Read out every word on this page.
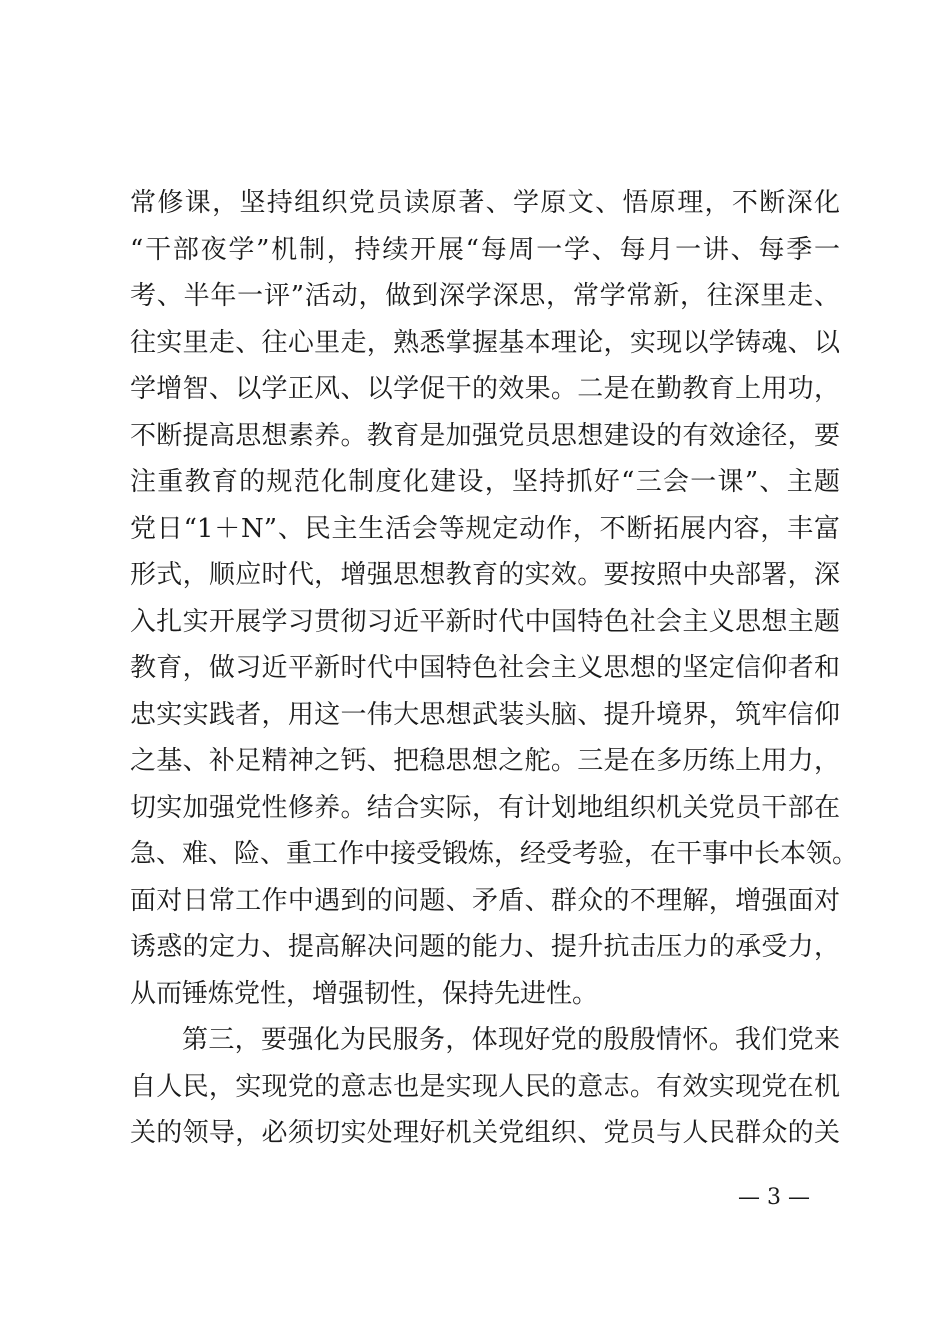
常修课，坚持组织党员读原著、学原文、悟原理，不断深化
“干部夜学”机制，持续开展“每周一学、每月一讲、每季一
考、半年一评”活动，做到深学深思，常学常新，往深里走、
往实里走、往心里走，熟悉掌握基本理论，实现以学铸魂、以
学增智、以学正风、以学促干的效果。二是在勤教育上用功，
不断提高思想素养。教育是加强党员思想建设的有效途径，要
注重教育的规范化制度化建设，坚持抓好“三会一课”、主题
党日“1＋N”、民主生活会等规定动作，不断拓展内容，丰富
形式，顺应时代，增强思想教育的实效。要按照中央部署，深
入扎实开展学习贯彻习近平新时代中国特色社会主义思想主题
教育，做习近平新时代中国特色社会主义思想的坚定信仰者和
忠实实践者，用这一伟大思想武装头脑、提升境界，筑牢信仰
之基、补足精神之钙、把稳思想之舵。三是在多历练上用力，
切实加强党性修养。结合实际，有计划地组织机关党员干部在
急、难、险、重工作中接受锻炼，经受考验，在干事中长本领。
面对日常工作中遇到的问题、矛盾、群众的不理解，增强面对
诱惑的定力、提高解决问题的能力、提升抗击压力的承受力，
从而锤炼党性，增强韧性，保持先进性。
第三，要强化为民服务，体现好党的殷殷情怀。我们党来
自人民，实现党的意志也是实现人民的意志。有效实现党在机
关的领导，必须切实处理好机关党组织、党员与人民群众的关
— 3 —
